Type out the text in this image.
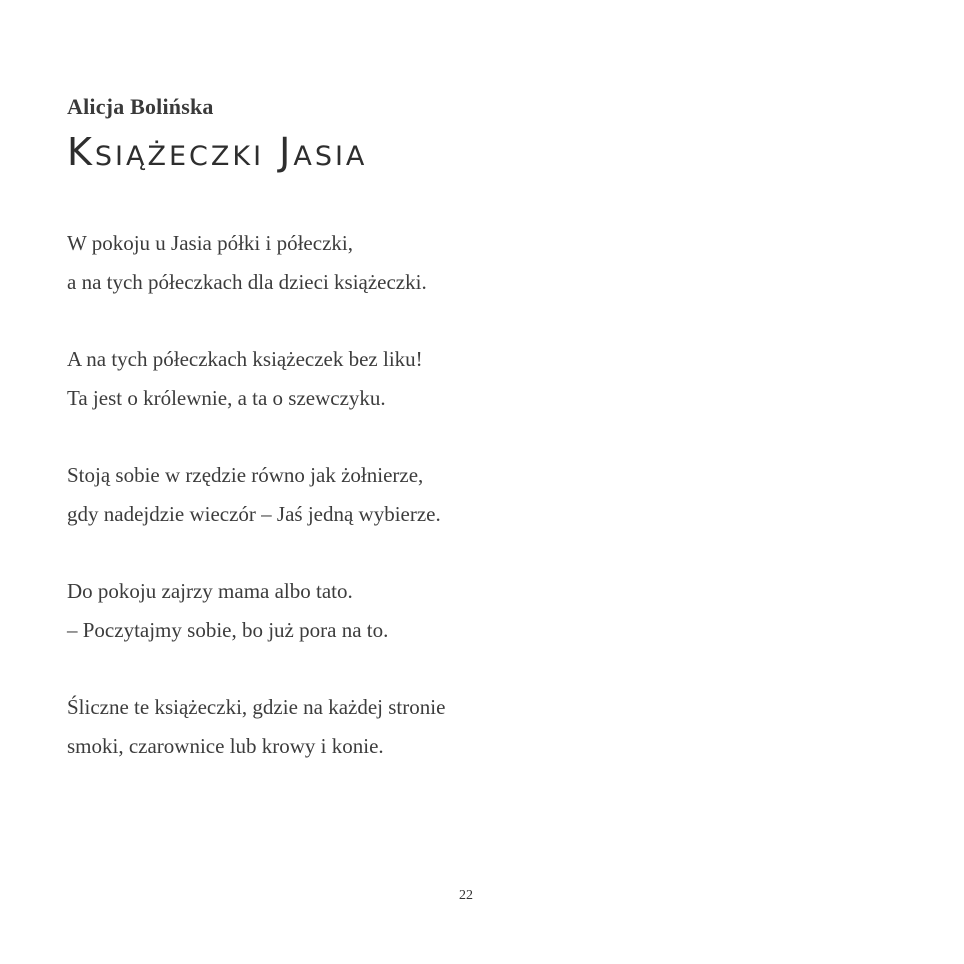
Alicja Bolińska
Książeczki Jasia
W pokoju u Jasia półki i półeczki,
a na tych półeczkach dla dzieci książeczki.
A na tych półeczkach książeczek bez liku!
Ta jest o królewnie, a ta o szewczyku.
Stoją sobie w rzędzie równo jak żołnierze,
gdy nadejdzie wieczór – Jaś jedną wybierze.
Do pokoju zajrzy mama albo tato.
– Poczytajmy sobie, bo już pora na to.
Śliczne te książeczki, gdzie na każdej stronie
smoki, czarownice lub krowy i konie.
22
